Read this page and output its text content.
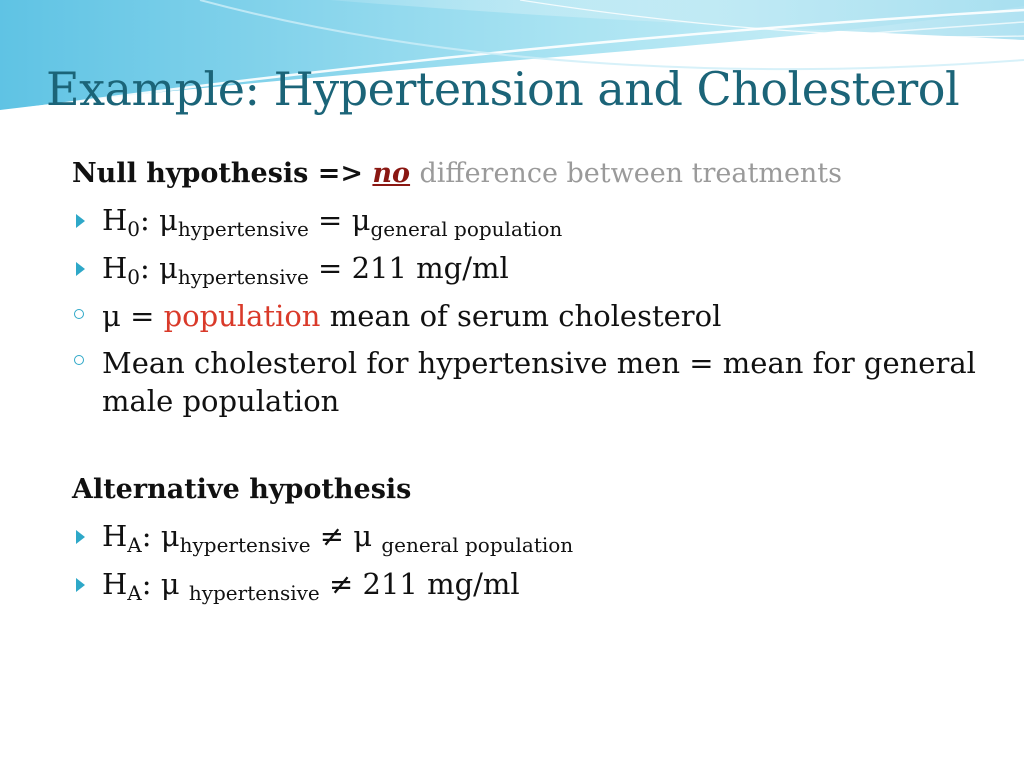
Example: Hypertension and Cholesterol
Null hypothesis => no difference between treatments
$H_0$: $\mu_{hypertensive} = \mu_{general population}$
$H_0$: $\mu_{hypertensive} = 211$ mg/ml
μ = population mean of serum cholesterol
Mean cholesterol for hypertensive men = mean for general male population
Alternative hypothesis
$H_A$: $\mu_{hypertensive} \ne \mu$ $_{general population}$
$H_A$: μ $_{hypertensive}$ ≠ 211 mg/ml
